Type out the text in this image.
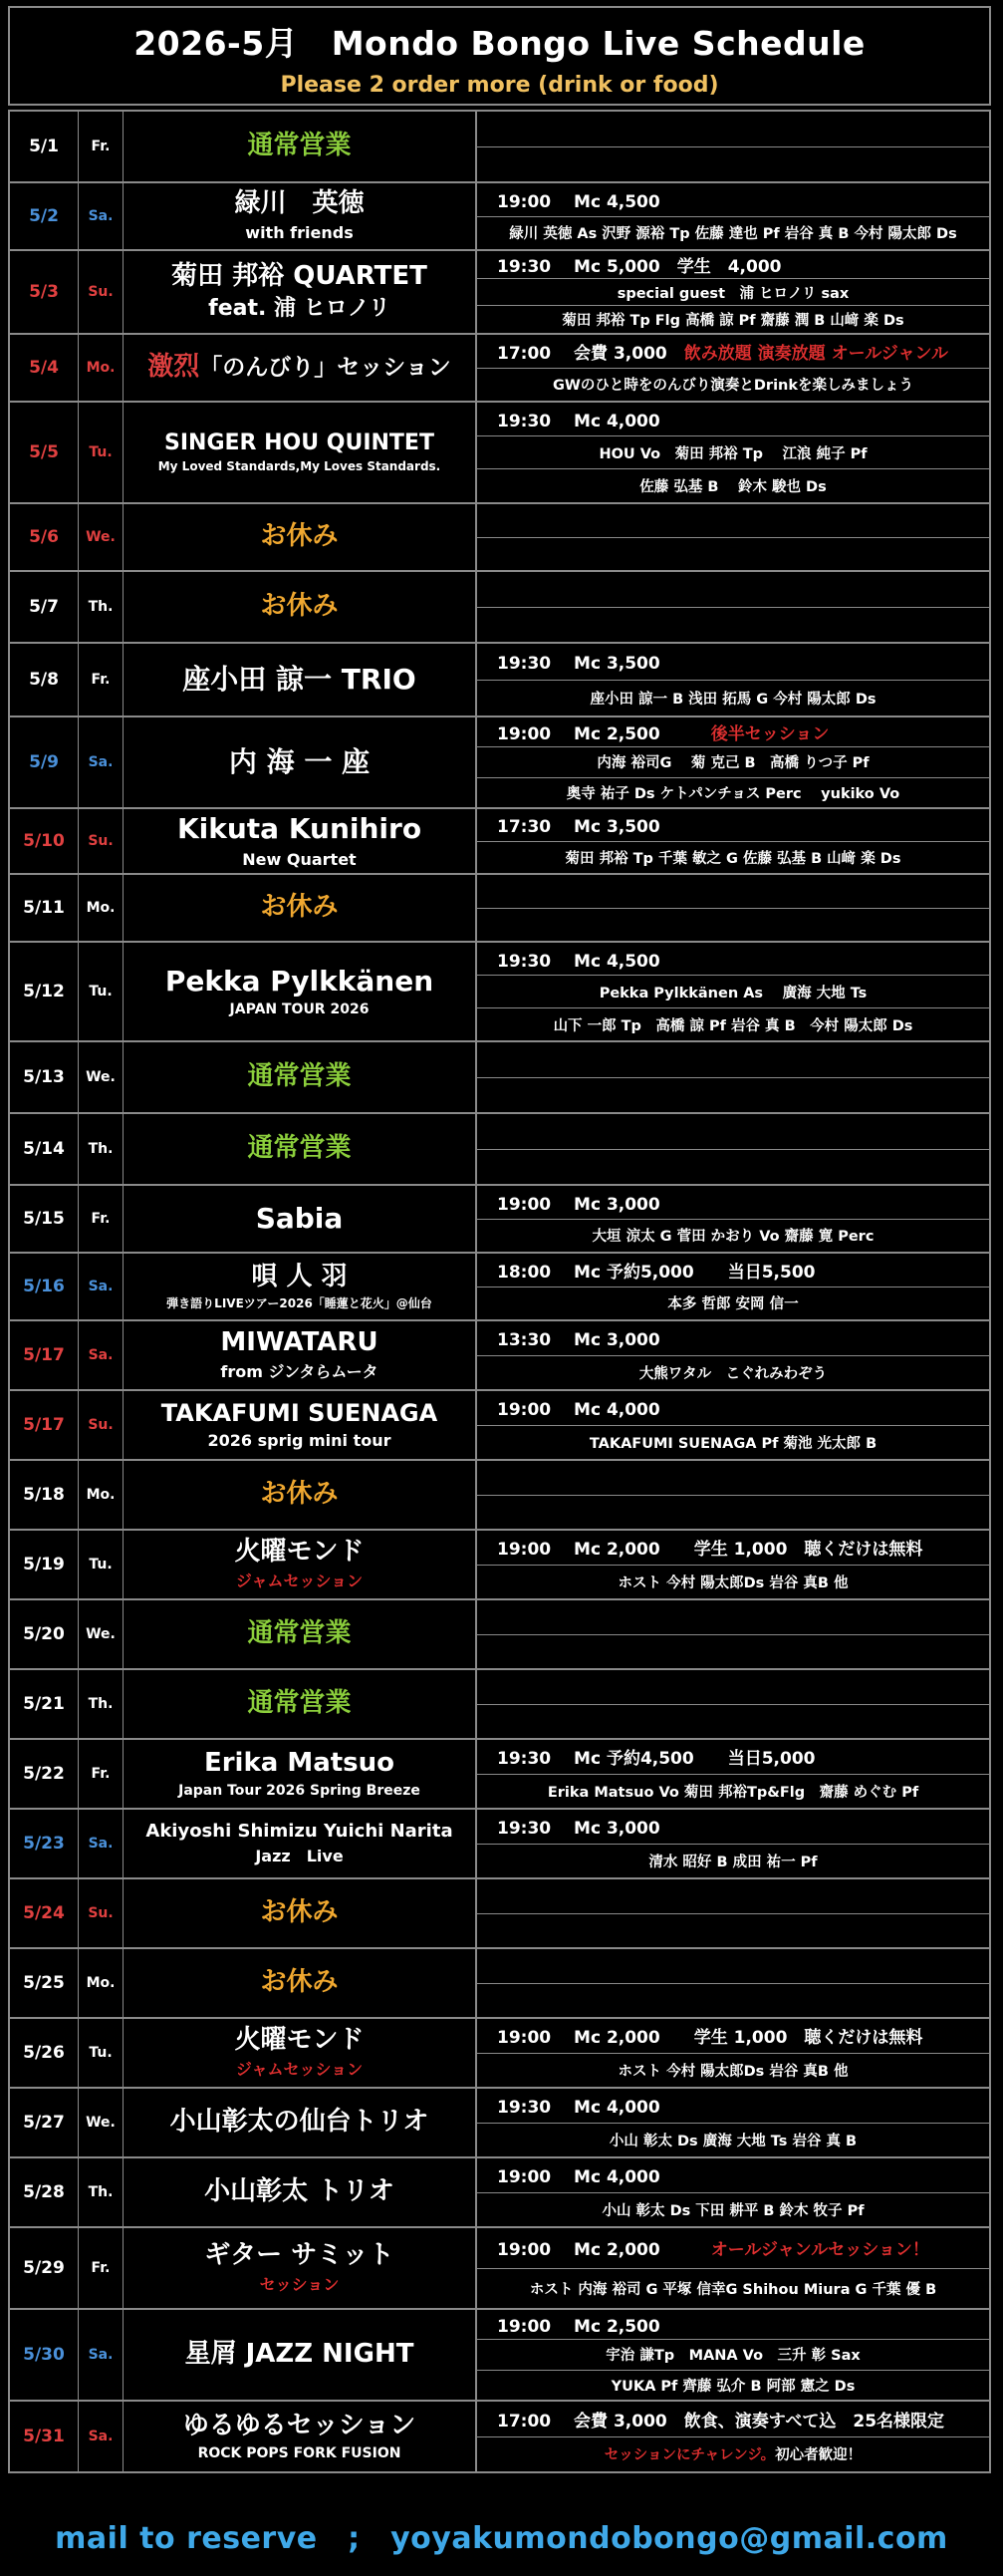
2026-5月　Mondo Bongo Live Schedule
Please 2 order more (drink or food)
5/1	Fr.	通常営業
5/2	Sa.	緑川　英徳
with friends
19:00　 Mc 4,500
緑川 英徳 As 沢野 源裕 Tp 佐藤 達也 Pf 岩谷 真 B 今村 陽太郎 Ds
5/3	Su.
菊田 邦裕 QUARTET
feat. 浦 ヒロノリ
19:30　 Mc 5,000　学生　4,000
special guest　浦 ヒロノリ sax
菊田 邦裕 Tp Flg 高橋 諒 Pf 齋藤 潤 B 山﨑 楽 Ds
5/4	Mo.	激烈「のんびり」セッション
17:00　 会費 3,000　 飲み放題 演奏放題 オールジャンル
GWのひと時をのんびり演奏とDrinkを楽しみましょう
5/5	Tu.	SINGER HOU QUINTET
My Loved Standards,My Loves Standards.
19:30　 Mc 4,000
HOU Vo　菊田 邦裕 Tp　 江浪 純子 Pf
佐藤 弘基 B　 鈴木 駿也 Ds
5/6	We.	お休み
5/7	Th.	お休み
5/8	Fr.	座小田 諒一 TRIO	19:30　 Mc 3,500
座小田 諒一 B 浅田 拓馬 G 今村 陽太郎 Ds
5/9	Sa.	内 海 一 座
19:00　 Mc 2,500　　　 後半セッション
内海 裕司G　 菊 克己 B　高橋 りつ子 Pf
奥寺 祐子 Ds ケトパンチョス Perc　 yukiko Vo
5/10	Su.	Kikuta Kunihiro
New Quartet
17:30　 Mc 3,500
菊田 邦裕 Tp 千葉 敏之 G 佐藤 弘基 B 山﨑 楽 Ds
5/11	Mo.	お休み
5/12	Tu.	Pekka Pylkkänen
JAPAN TOUR 2026
19:30　 Mc 4,500
Pekka Pylkkänen As　 廣海 大地 Ts
山下 一郎 Tp　高橋 諒 Pf 岩谷 真 B　今村 陽太郎 Ds
5/13	We.	通常営業
5/14	Th.	通常営業
5/15	Fr.	Sabia	19:00　 Mc 3,000
大垣 涼太 G 菅田 かおり Vo 齋藤 寛 Perc
5/16	Sa.	唄 人 羽
弾き語りLIVEツアー2026「睡蓮と花火」@仙台
18:00　 Mc 予約5,000　　当日5,500
本多 哲郎 安岡 信一
5/17	Sa.	MIWATARU
from ジンタらムータ
13:30　 Mc 3,000
大熊ワタル　こぐれみわぞう
5/17	Su.	TAKAFUMI SUENAGA
2026 sprig mini tour
19:00　 Mc 4,000
TAKAFUMI SUENAGA Pf 菊池 光太郎 B
5/18	Mo.	お休み
5/19	Tu.	火曜モンド
ジャムセッション
19:00　 Mc 2,000　　学生 1,000　聴くだけは無料
ホスト 今村 陽太郎Ds 岩谷 真B 他
5/20	We.	通常営業
5/21	Th.	通常営業
5/22	Fr.	Erika Matsuo
Japan Tour 2026 Spring Breeze
19:30　 Mc 予約4,500　　当日5,000
Erika Matsuo Vo 菊田 邦裕Tp&Flg　齋藤 めぐむ Pf
5/23	Sa.
Akiyoshi Shimizu Yuichi Narita
Jazz　Live
19:30　 Mc 3,000
清水 昭好 B 成田 祐一 Pf
5/24	Su.	お休み
5/25	Mo.	お休み
5/26	Tu.	火曜モンド
ジャムセッション
19:00　 Mc 2,000　　学生 1,000　聴くだけは無料
ホスト 今村 陽太郎Ds 岩谷 真B 他
5/27	We.	小山彰太の仙台トリオ	19:30　 Mc 4,000
小山 彰太 Ds 廣海 大地 Ts 岩谷 真 B
5/28	Th.	小山彰太 トリオ	19:00　 Mc 4,000
小山 彰太 Ds 下田 耕平 B 鈴木 牧子 Pf
5/29	Fr.	ギター サミット
セッション
19:00　 Mc 2,000　　　 オールジャンルセッション！
ホスト 内海 裕司 G 平塚 信幸G Shihou Miura G 千葉 優 B
5/30	Sa.	星屑 JAZZ NIGHT
19:00　 Mc 2,500
宇治 謙Tp　MANA Vo　三升 彰 Sax
YUKA Pf 齊藤 弘介 B 阿部 憲之 Ds
5/31	Sa.	ゆるゆるセッション
ROCK POPS FORK FUSION
17:00　 会費 3,000　飲食、演奏すべて込　25名様限定
セッションにチャレンジ。 初心者歓迎！
mail to reserve　;　yoyakumondobongo@gmail.com
